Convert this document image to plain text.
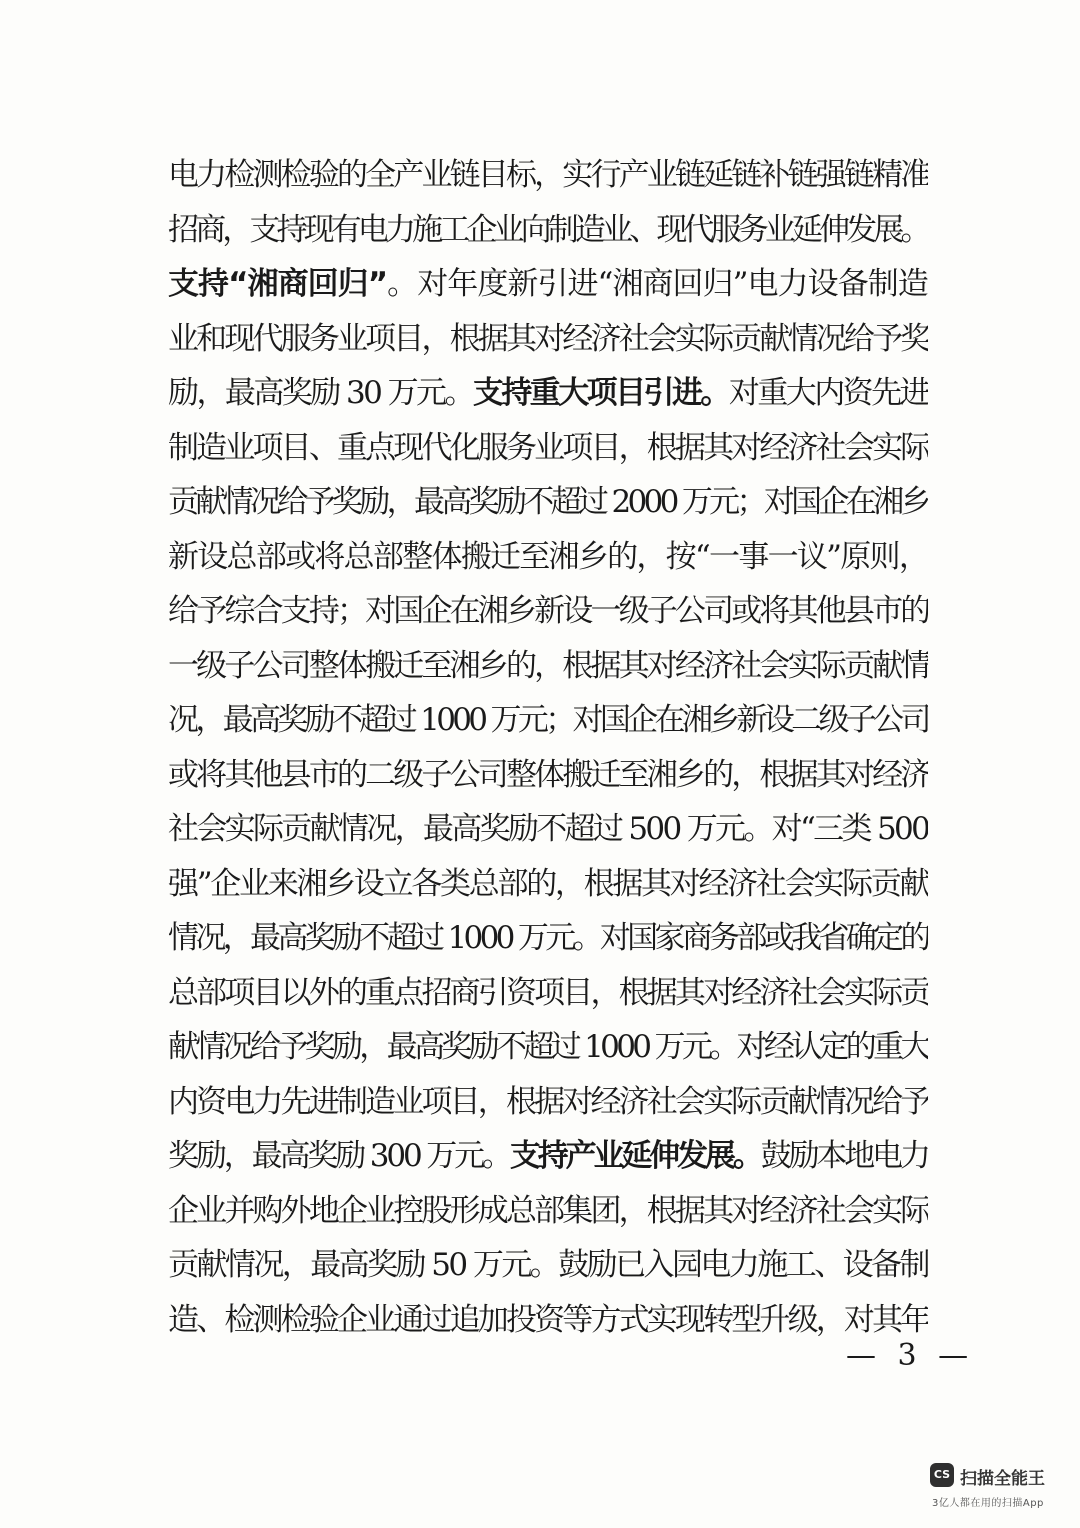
电力检测检验的全产业链目标，实行产业链延链补链强链精准
招商，支持现有电力施工企业向制造业、现代服务业延伸发展。
支持“湘商回归”。对年度新引进“湘商回归”电力设备制造
业和现代服务业项目，根据其对经济社会实际贡献情况给予奖
励，最高奖励 30 万元。支持重大项目引进。对重大内资先进
制造业项目、重点现代化服务业项目，根据其对经济社会实际
贡献情况给予奖励，最高奖励不超过 2000 万元；对国企在湘乡
新设总部或将总部整体搬迁至湘乡的，按“一事一议”原则，
给予综合支持；对国企在湘乡新设一级子公司或将其他县市的
一级子公司整体搬迁至湘乡的，根据其对经济社会实际贡献情
况，最高奖励不超过 1000 万元；对国企在湘乡新设二级子公司
或将其他县市的二级子公司整体搬迁至湘乡的，根据其对经济
社会实际贡献情况，最高奖励不超过 500 万元。对“三类 500
强”企业来湘乡设立各类总部的，根据其对经济社会实际贡献
情况，最高奖励不超过 1000 万元。对国家商务部或我省确定的
总部项目以外的重点招商引资项目，根据其对经济社会实际贡
献情况给予奖励，最高奖励不超过 1000 万元。对经认定的重大
内资电力先进制造业项目，根据对经济社会实际贡献情况给予
奖励，最高奖励 300 万元。支持产业延伸发展。鼓励本地电力
企业并购外地企业控股形成总部集团，根据其对经济社会实际
贡献情况，最高奖励 50 万元。鼓励已入园电力施工、设备制
造、检测检验企业通过追加投资等方式实现转型升级，对其年
— 3 —
CS 扫描全能王
3亿人都在用的扫描App
